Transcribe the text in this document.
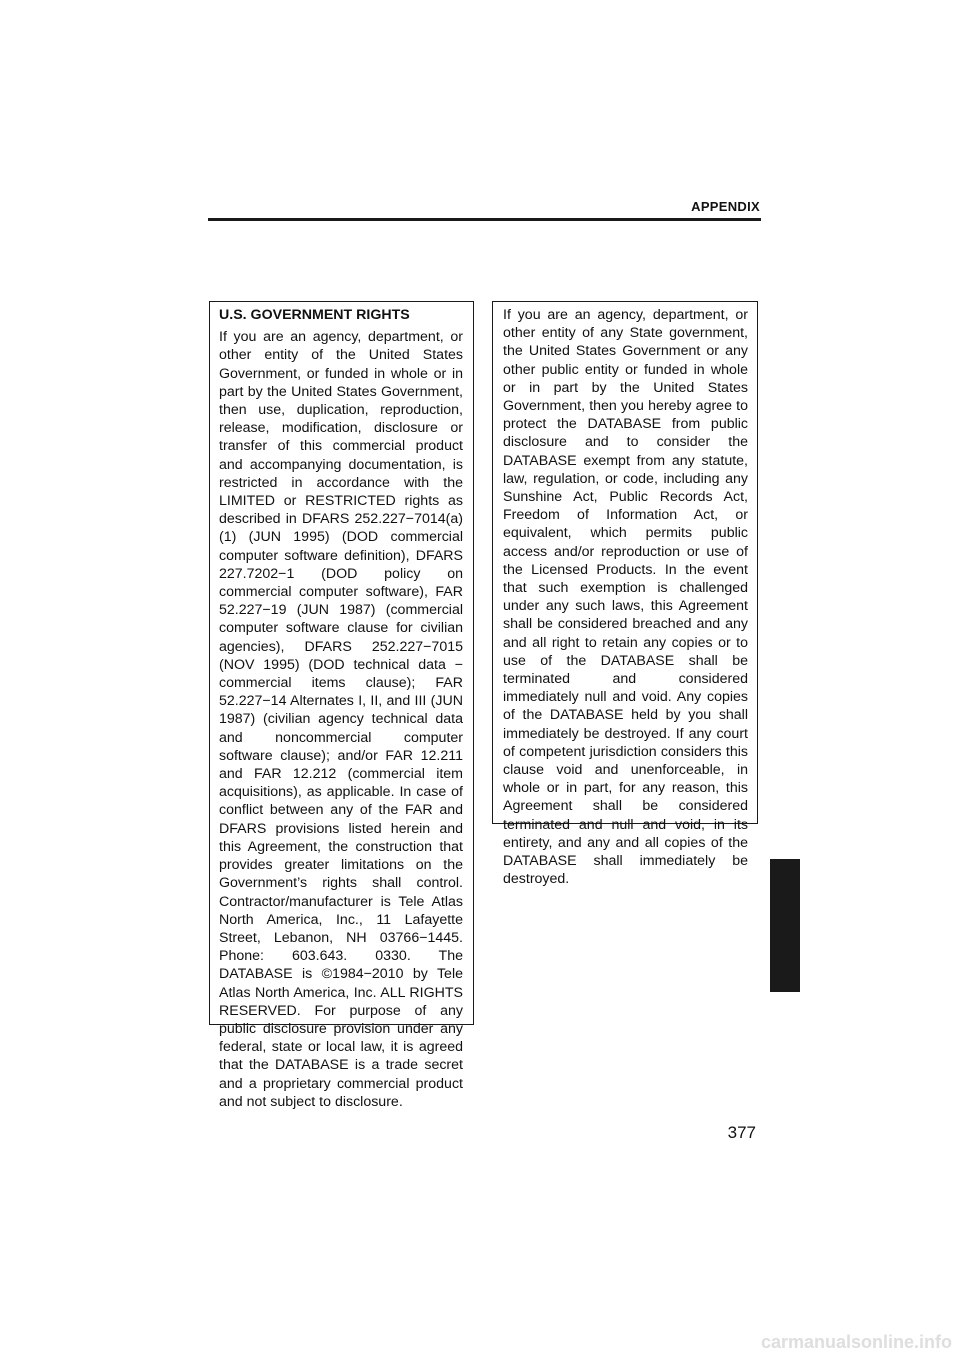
APPENDIX
U.S. GOVERNMENT RIGHTS

If you are an agency, department, or other entity of the United States Government, or funded in whole or in part by the United States Government, then use, duplication, reproduction, release, modification, disclosure or transfer of this commercial product and accompanying documentation, is restricted in accordance with the LIMITED or RESTRICTED rights as described in DFARS 252.227−7014(a)(1) (JUN 1995) (DOD commercial computer software definition), DFARS 227.7202−1 (DOD policy on commercial computer software), FAR 52.227−19 (JUN 1987) (commercial computer software clause for civilian agencies), DFARS 252.227−7015 (NOV 1995) (DOD technical data − commercial items clause); FAR 52.227−14 Alternates I, II, and III (JUN 1987) (civilian agency technical data and noncommercial computer software clause); and/or FAR 12.211 and FAR 12.212 (commercial item acquisitions), as applicable. In case of conflict between any of the FAR and DFARS provisions listed herein and this Agreement, the construction that provides greater limitations on the Government’s rights shall control. Contractor/manufacturer is Tele Atlas North America, Inc., 11 Lafayette Street, Lebanon, NH 03766−1445. Phone: 603.643. 0330. The DATABASE is ©1984−2010 by Tele Atlas North America, Inc. ALL RIGHTS RESERVED. For purpose of any public disclosure provision under any federal, state or local law, it is agreed that the DATABASE is a trade secret and a proprietary commercial product and not subject to disclosure.

If you are an agency, department, or other entity of any State government, the United States Government or any other public entity or funded in whole or in part by the United States Government, then you hereby agree to protect the DATABASE from public disclosure and to consider the DATABASE exempt from any statute, law, regulation, or code, including any Sunshine Act, Public Records Act, Freedom of Information Act, or equivalent, which permits public access and/or reproduction or use of the Licensed Products. In the event that such exemption is challenged under any such laws, this Agreement shall be considered breached and any and all right to retain any copies or to use of the DATABASE shall be terminated and considered immediately null and void. Any copies of the DATABASE held by you shall immediately be destroyed. If any court of competent jurisdiction considers this clause void and unenforceable, in whole or in part, for any reason, this Agreement shall be considered terminated and null and void, in its entirety, and any and all copies of the DATABASE shall immediately be destroyed.

377
carmanualsonline.info
